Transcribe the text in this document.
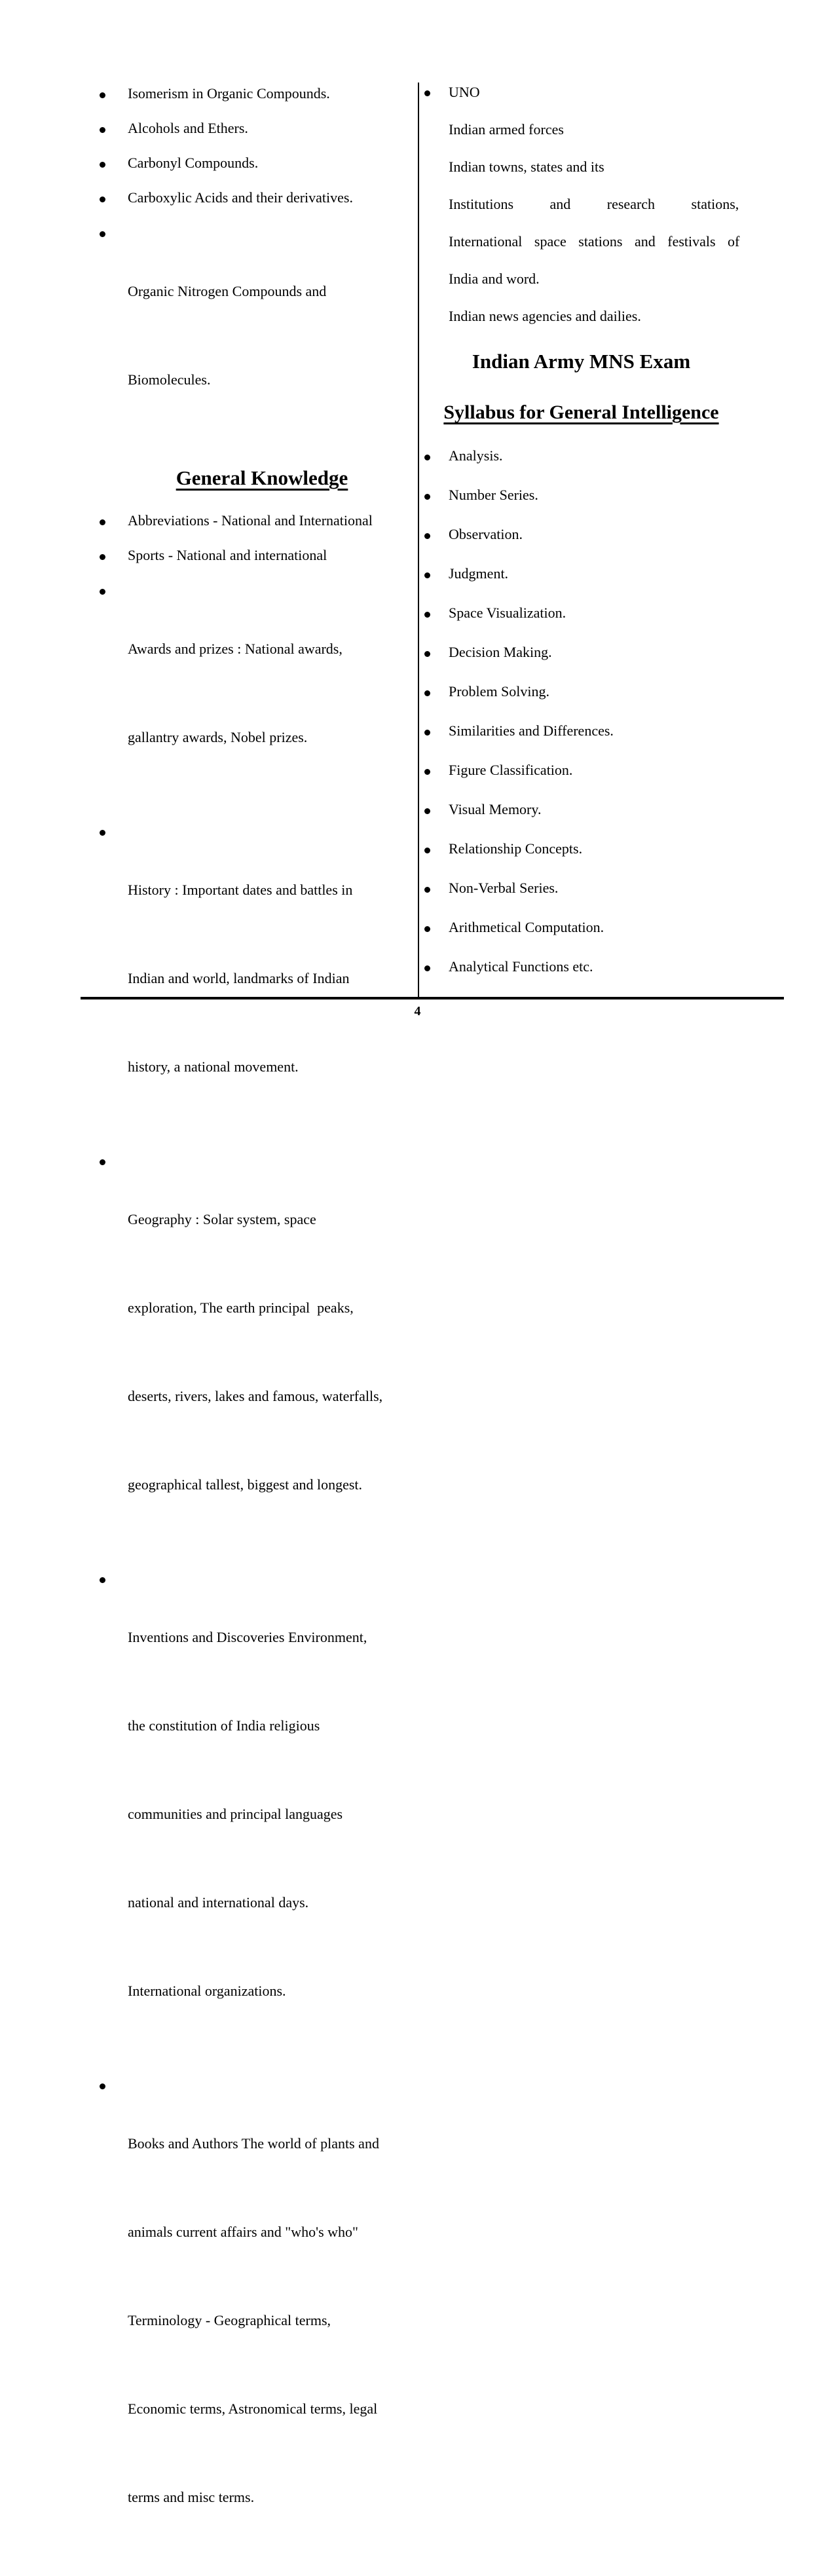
Isomerism in Organic Compounds.
Alcohols and Ethers.
Carbonyl Compounds.
Carboxylic Acids and their derivatives.

Organic Nitrogen Compounds and

Biomolecules.

General Knowledge
Abbreviations - National and International
Sports - National and international

Awards and prizes : National awards,

gallantry awards, Nobel prizes.

History : Important dates and battles in

Indian and world, landmarks of Indian

history, a national movement.

Geography : Solar system, space

exploration, The earth principal  peaks,

deserts, rivers, lakes and famous, waterfalls,

geographical tallest, biggest and longest.

Inventions and Discoveries Environment,

the constitution of India religious

communities and principal languages

national and international days.

International organizations.

Books and Authors The world of plants and

animals current affairs and "who's who"

Terminology - Geographical terms,

Economic terms, Astronomical terms, legal

terms and misc terms.

UNO
Indian armed forces
Indian towns, states and its
Institutions and research stations,
International space stations and festivals of
India and word.
Indian news agencies and dailies.
Indian Army MNS Exam
Syllabus for General Intelligence
Analysis.
Number Series.
Observation.
Judgment.
Space Visualization.
Decision Making.
Problem Solving.
Similarities and Differences.
Figure Classification.
Visual Memory.
Relationship Concepts.
Non-Verbal Series.
Arithmetical Computation.
Analytical Functions etc.
4
